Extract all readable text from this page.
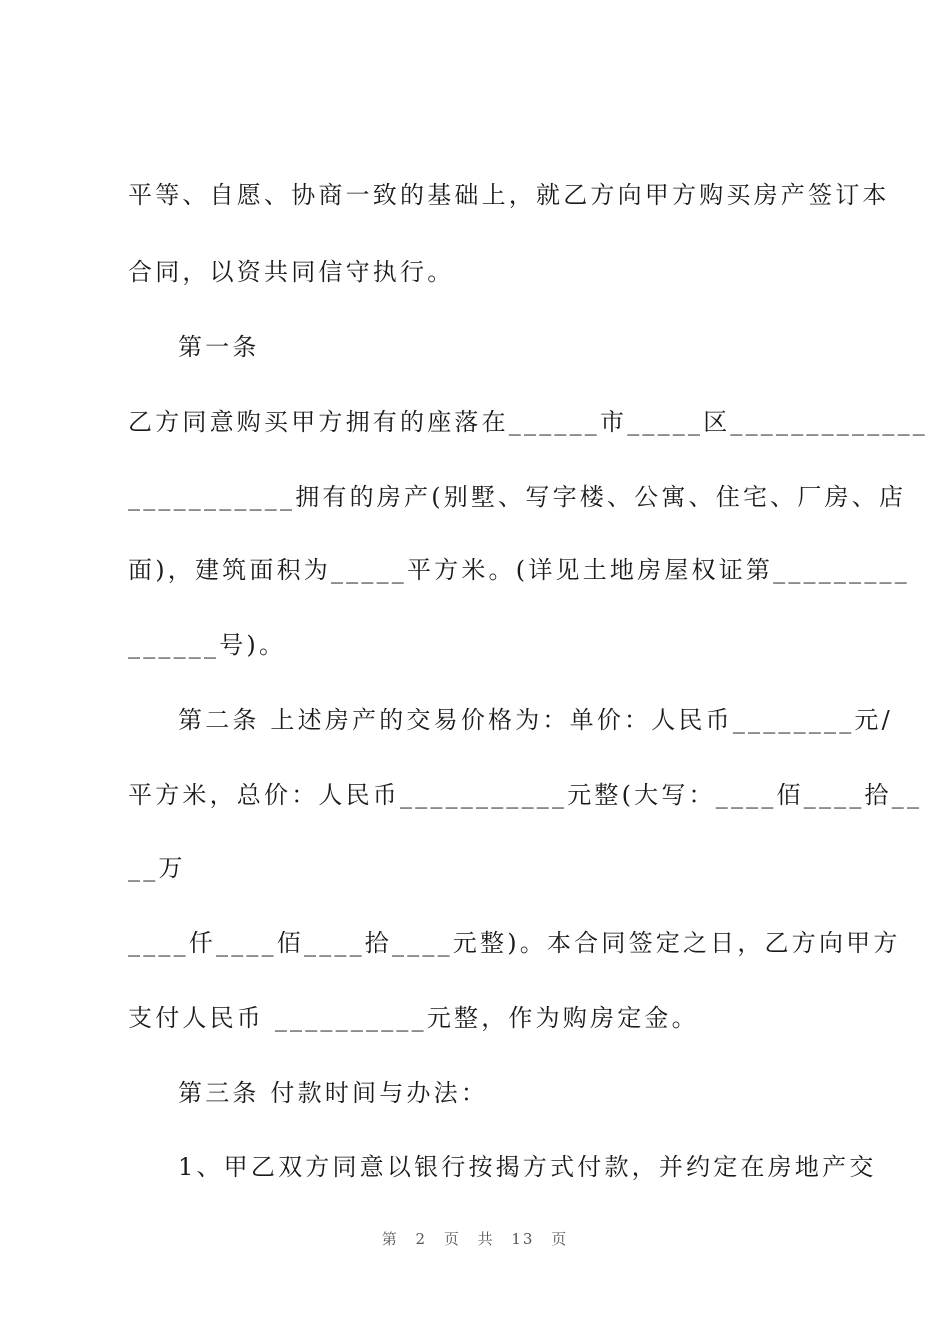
平等、自愿、协商一致的基础上，就乙方向甲方购买房产签订本
合同，以资共同信守执行。
第一条
乙方同意购买甲方拥有的座落在______市_____区_____________
___________拥有的房产(别墅、写字楼、公寓、住宅、厂房、店
面)，建筑面积为_____平方米。(详见土地房屋权证第_________
______号)。
第二条 上述房产的交易价格为：单价：人民币________元/
平方米，总价：人民币___________元整(大写：____佰____拾__
__万
____仟____佰____拾____元整)。本合同签定之日，乙方向甲方
支付人民币 __________元整，作为购房定金。
第三条 付款时间与办法：
1、甲乙双方同意以银行按揭方式付款，并约定在房地产交
第 2 页 共 13 页
